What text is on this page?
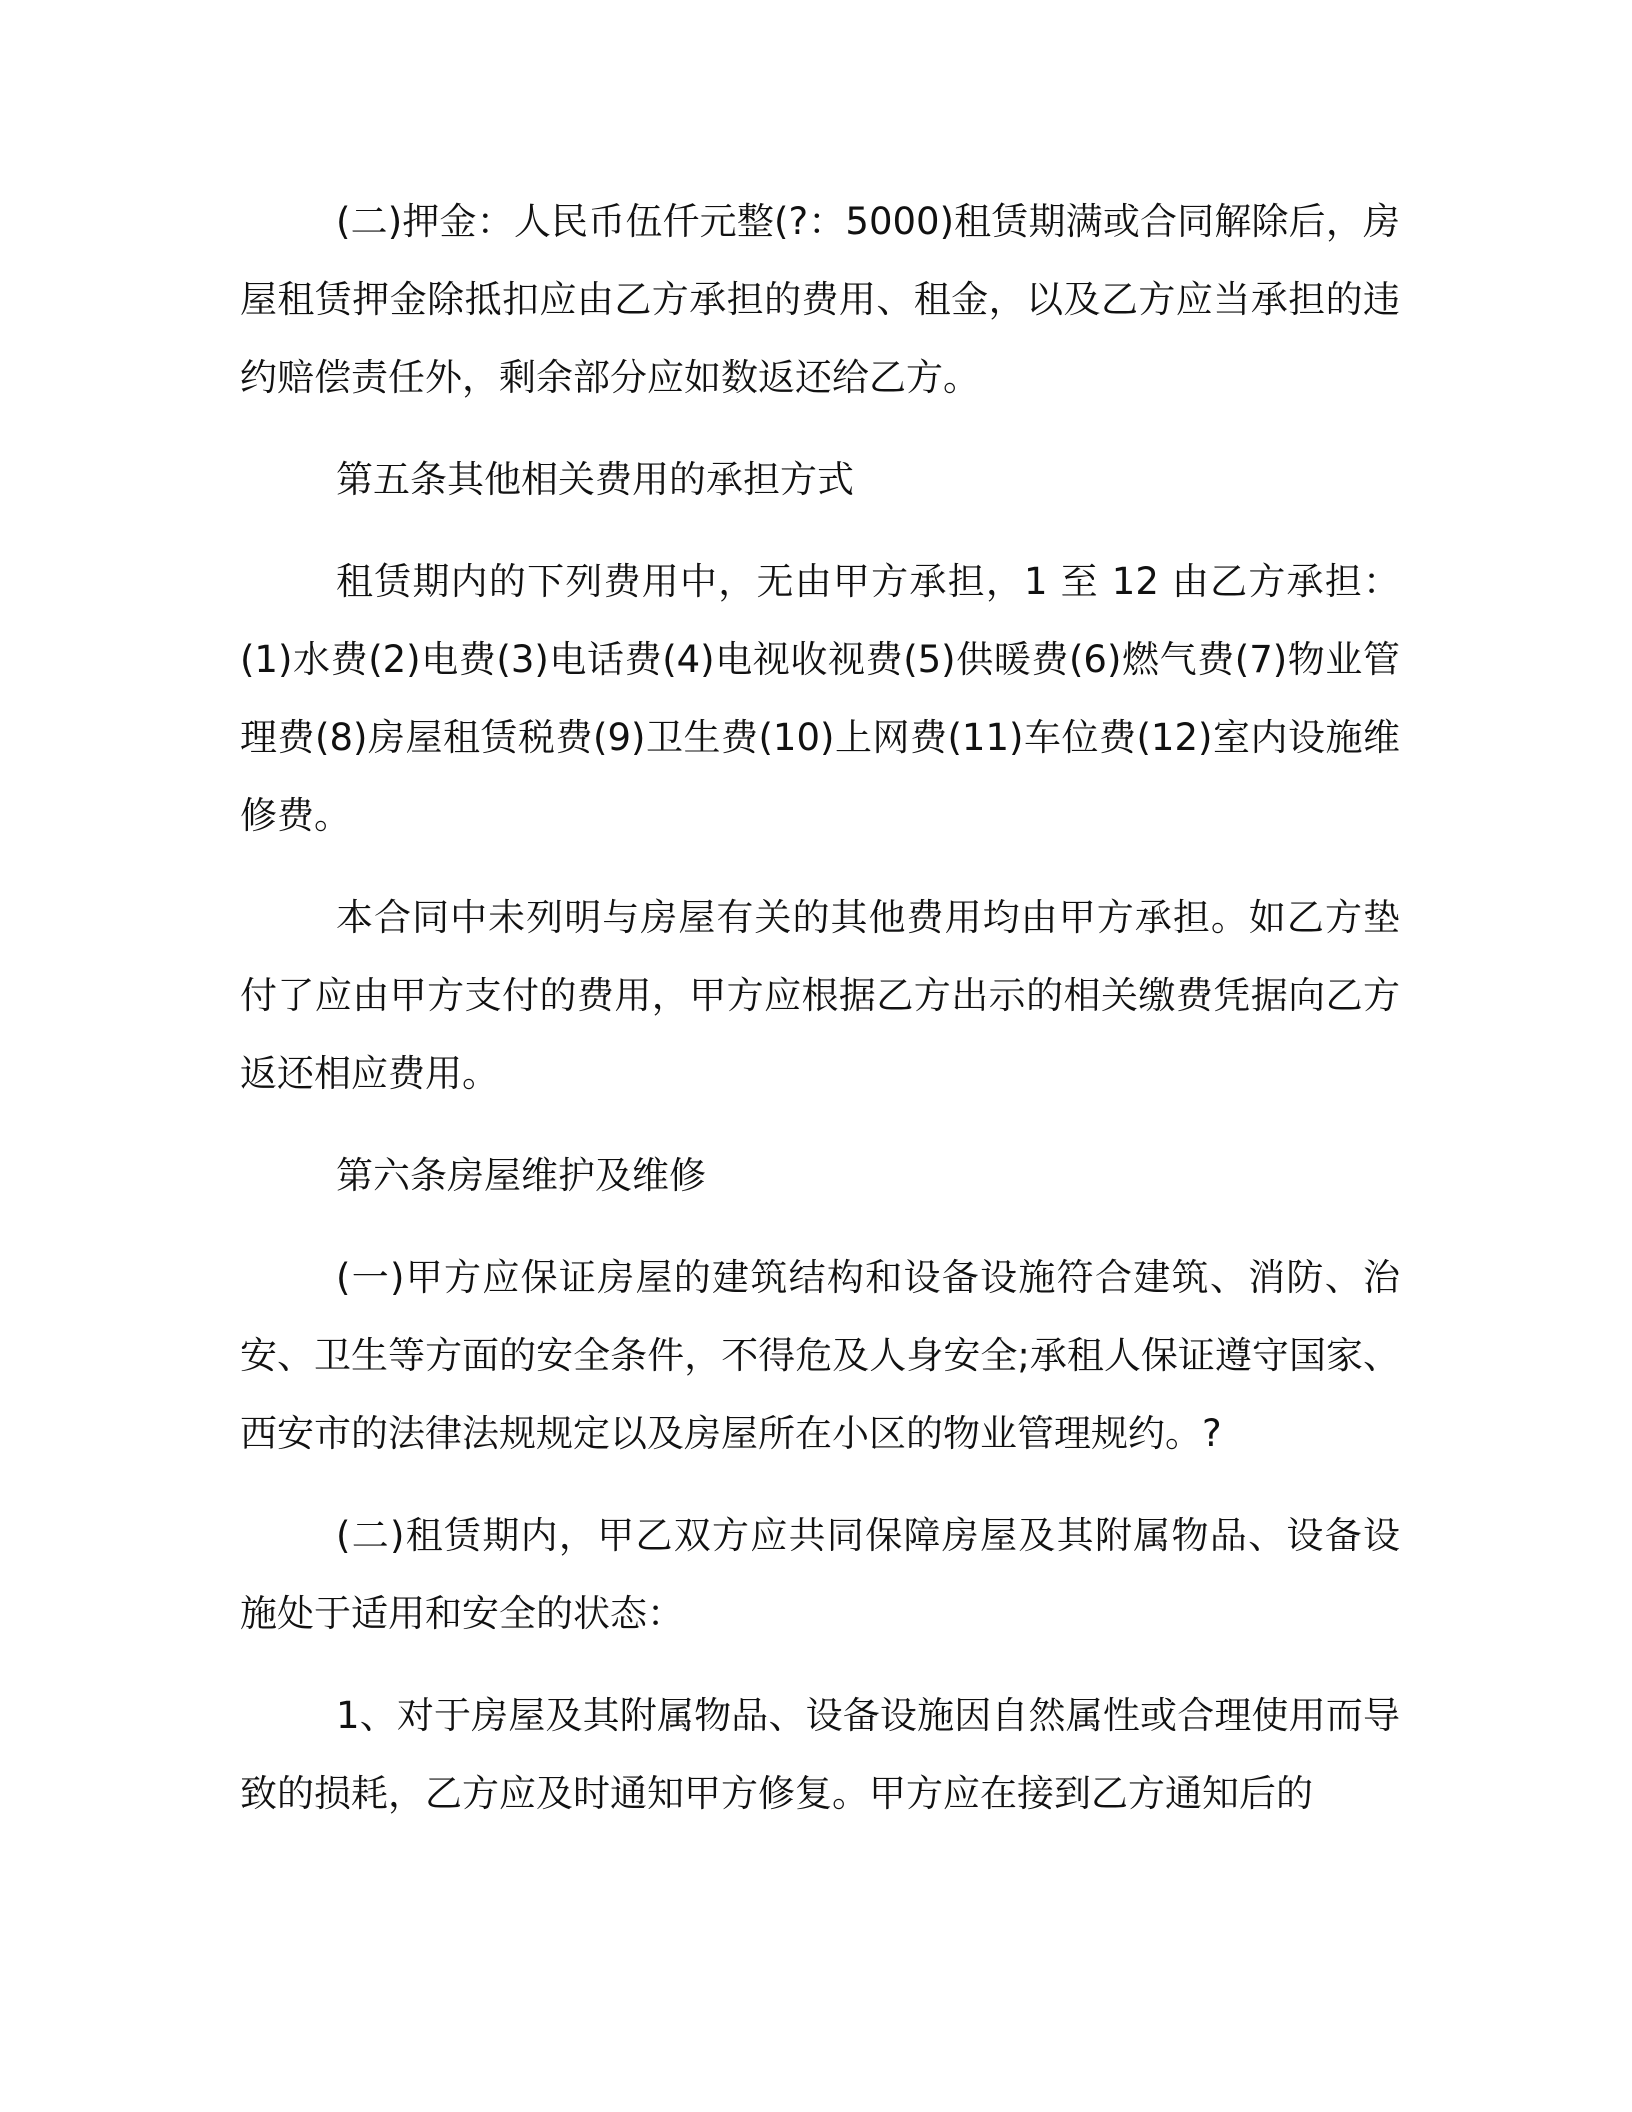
(二)押金：人民币伍仟元整(?：5000)租赁期满或合同解除后，房屋租赁押金除抵扣应由乙方承担的费用、租金，以及乙方应当承担的违约赔偿责任外，剩余部分应如数返还给乙方。

第五条其他相关费用的承担方式

租赁期内的下列费用中，无由甲方承担，1 至 12 由乙方承担：(1)水费(2)电费(3)电话费(4)电视收视费(5)供暖费(6)燃气费(7)物业管理费(8)房屋租赁税费(9)卫生费(10)上网费(11)车位费(12)室内设施维修费。

本合同中未列明与房屋有关的其他费用均由甲方承担。如乙方垫付了应由甲方支付的费用，甲方应根据乙方出示的相关缴费凭据向乙方返还相应费用。

第六条房屋维护及维修

(一)甲方应保证房屋的建筑结构和设备设施符合建筑、消防、治安、卫生等方面的安全条件，不得危及人身安全;承租人保证遵守国家、西安市的法律法规规定以及房屋所在小区的物业管理规约。?

(二)租赁期内，甲乙双方应共同保障房屋及其附属物品、设备设施处于适用和安全的状态：

1、对于房屋及其附属物品、设备设施因自然属性或合理使用而导致的损耗，乙方应及时通知甲方修复。甲方应在接到乙方通知后的
